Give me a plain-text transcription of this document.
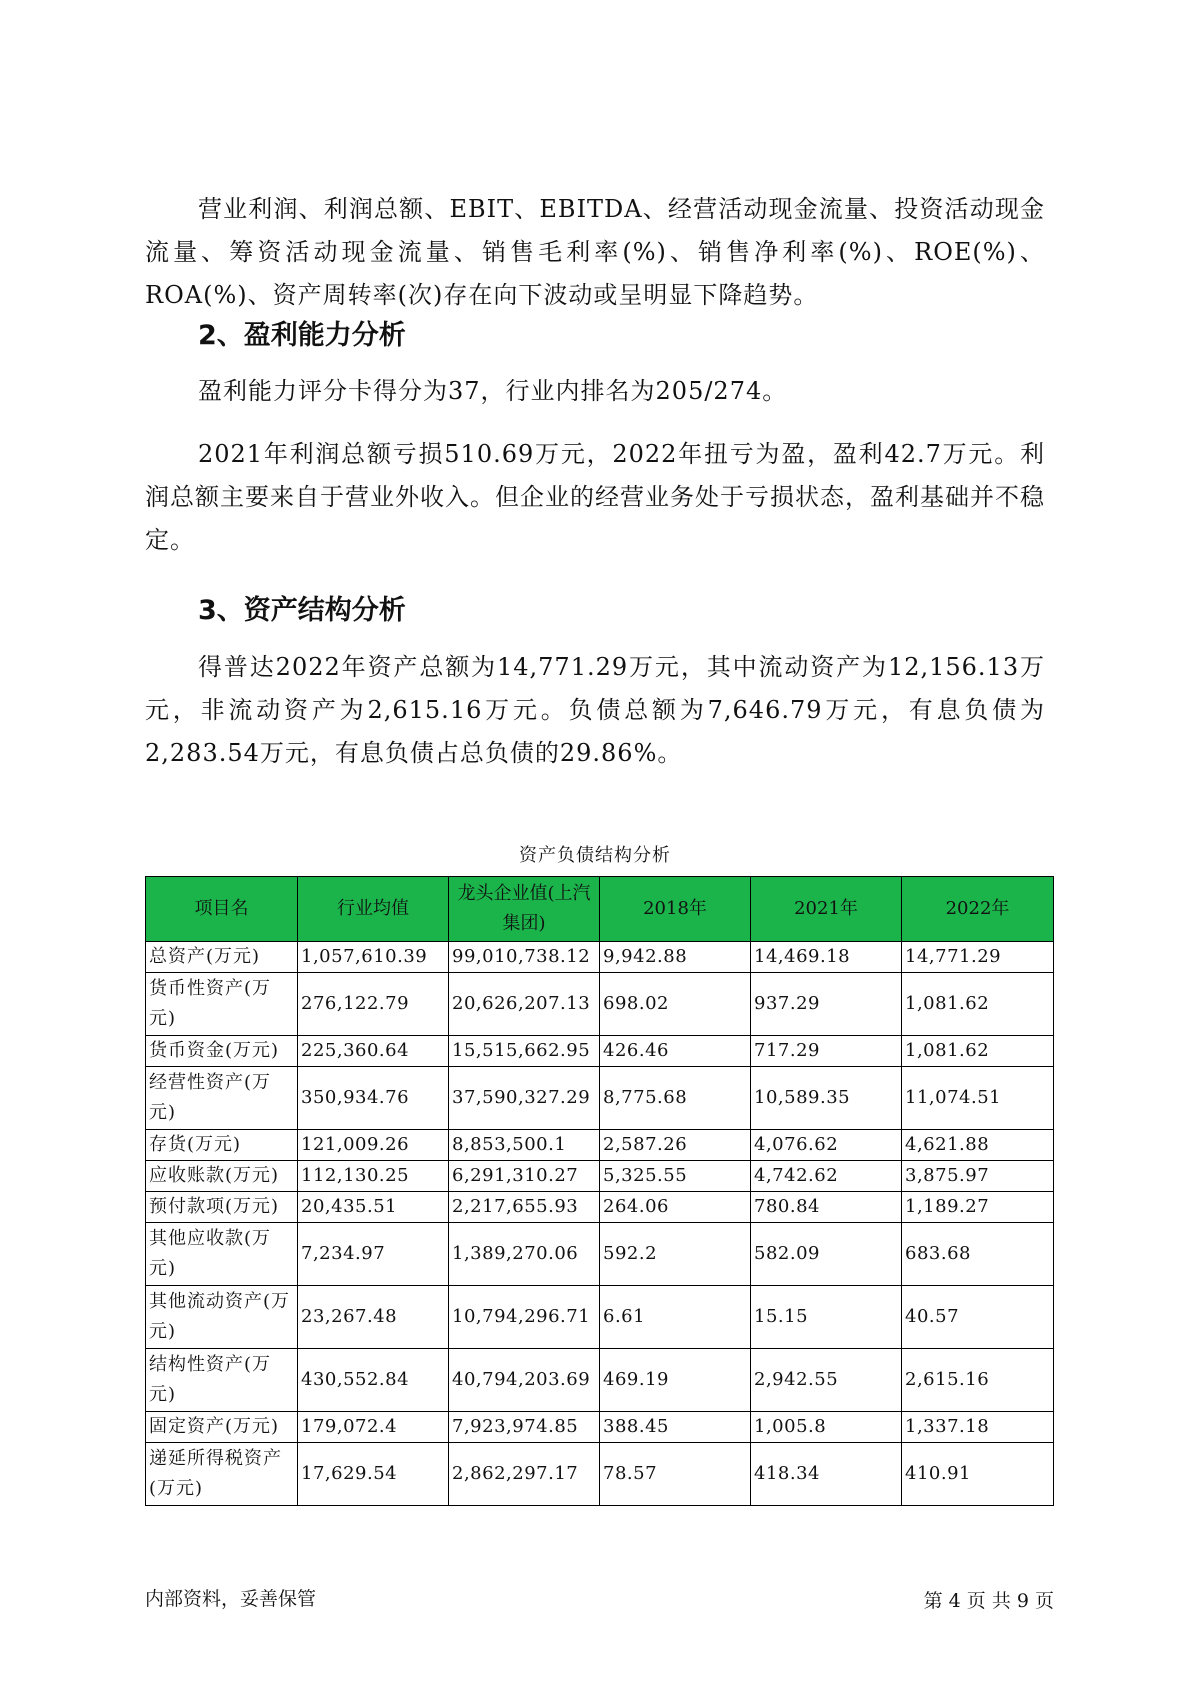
营业利润、利润总额、EBIT、EBITDA、经营活动现金流量、投资活动现金流量、筹资活动现金流量、销售毛利率(%)、销售净利率(%)、ROE(%)、ROA(%)、资产周转率(次)存在向下波动或呈明显下降趋势。

2、盈利能力分析

盈利能力评分卡得分为37，行业内排名为205/274。

2021年利润总额亏损510.69万元，2022年扭亏为盈，盈利42.7万元。利润总额主要来自于营业外收入。但企业的经营业务处于亏损状态，盈利基础并不稳定。

3、资产结构分析

得普达2022年资产总额为14,771.29万元，其中流动资产为12,156.13万元，非流动资产为2,615.16万元。负债总额为7,646.79万元，有息负债为2,283.54万元，有息负债占总负债的29.86%。

资产负债结构分析
项目名	行业均值	龙头企业值(上汽集团)	2018年	2021年	2022年
总资产(万元)	1,057,610.39	99,010,738.12	9,942.88	14,469.18	14,771.29
货币性资产(万元)	276,122.79	20,626,207.13	698.02	937.29	1,081.62
货币资金(万元)	225,360.64	15,515,662.95	426.46	717.29	1,081.62
经营性资产(万元)	350,934.76	37,590,327.29	8,775.68	10,589.35	11,074.51
存货(万元)	121,009.26	8,853,500.1	2,587.26	4,076.62	4,621.88
应收账款(万元)	112,130.25	6,291,310.27	5,325.55	4,742.62	3,875.97
预付款项(万元)	20,435.51	2,217,655.93	264.06	780.84	1,189.27
其他应收款(万元)	7,234.97	1,389,270.06	592.2	582.09	683.68
其他流动资产(万元)	23,267.48	10,794,296.71	6.61	15.15	40.57
结构性资产(万元)	430,552.84	40,794,203.69	469.19	2,942.55	2,615.16
固定资产(万元)	179,072.4	7,923,974.85	388.45	1,005.8	1,337.18
递延所得税资产(万元)	17,629.54	2,862,297.17	78.57	418.34	410.91
内部资料，妥善保管	第 4 页 共 9 页
